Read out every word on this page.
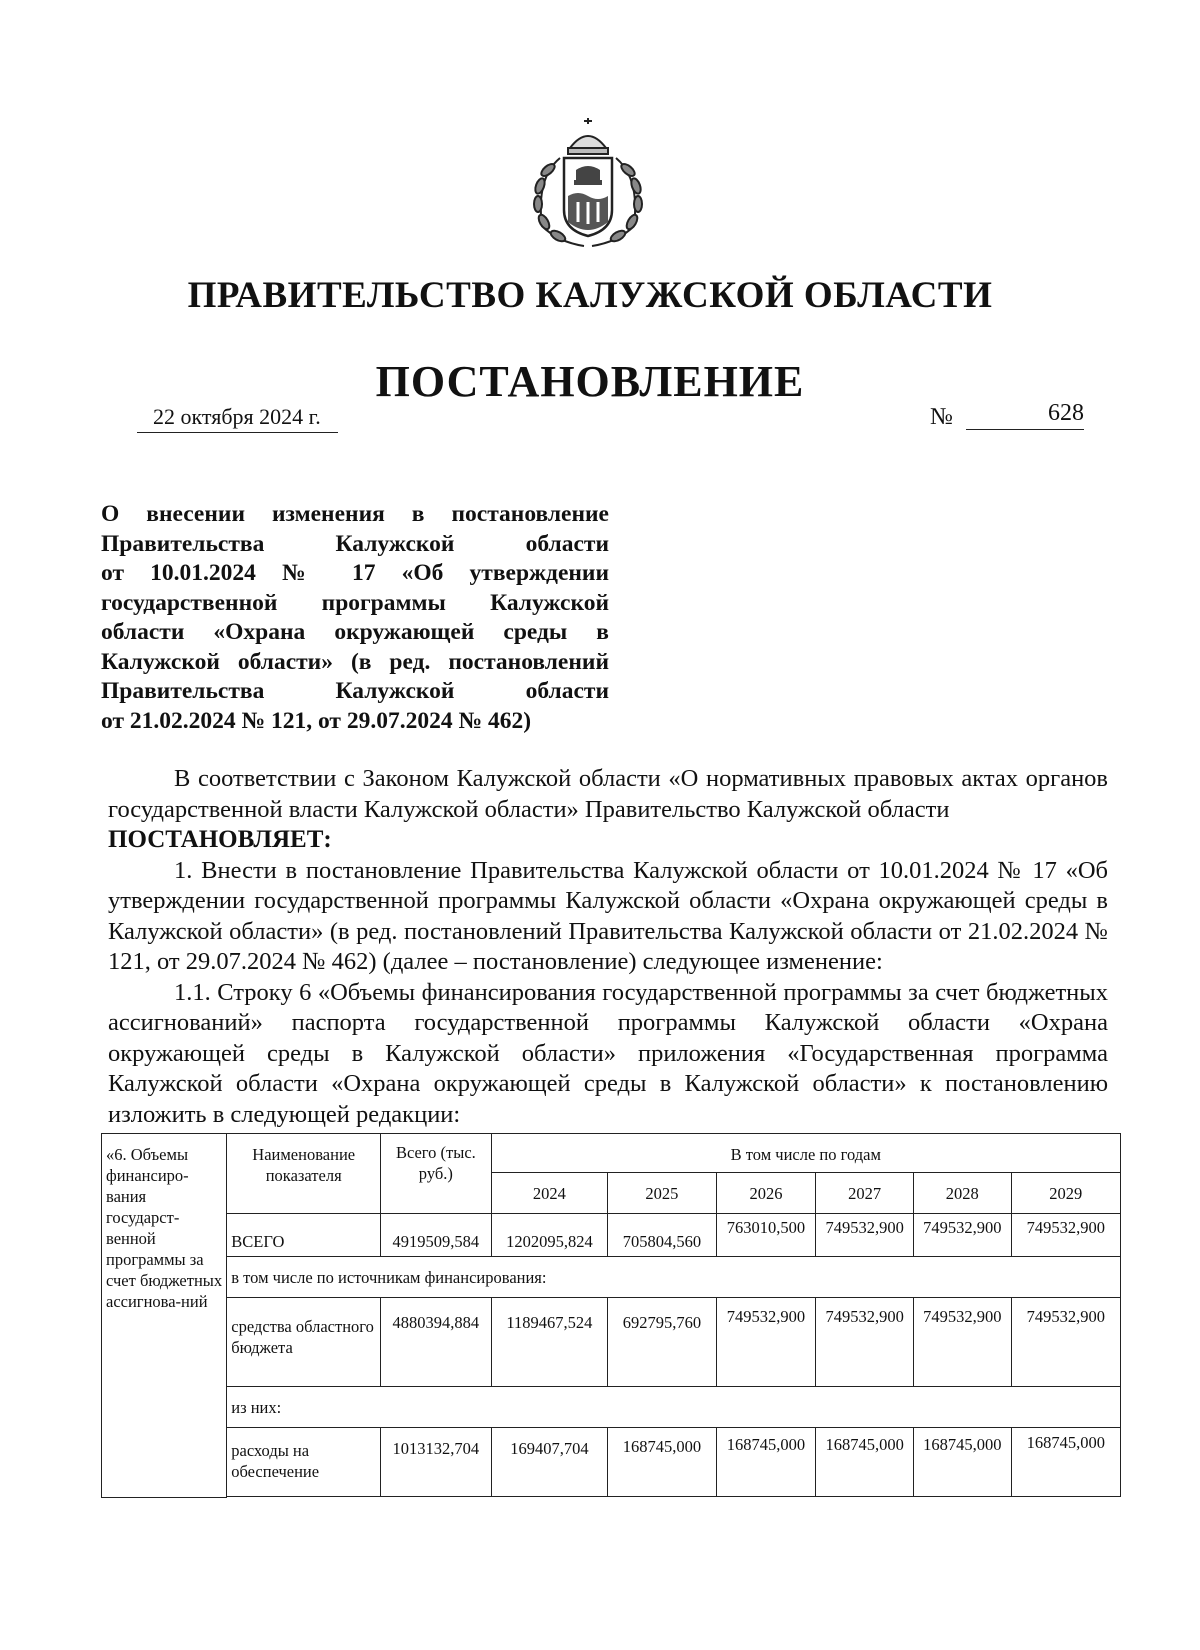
ПРАВИТЕЛЬСТВО КАЛУЖСКОЙ ОБЛАСТИ
ПОСТАНОВЛЕНИЕ
22 октября 2024 г.	№	628
О внесении изменения в постановление
Правительства Калужской области
от 10.01.2024 № 17 «Об утверждении
государственной программы Калужской
области «Охрана окружающей среды в
Калужской области» (в ред. постановлений
Правительства Калужской области
от 21.02.2024 № 121, от 29.07.2024 № 462)

В соответствии с Законом Калужской области «О нормативных правовых актах органов государственной власти Калужской области» Правительство Калужской области

ПОСТАНОВЛЯЕТ:

1. Внести в постановление Правительства Калужской области от 10.01.2024 № 17 «Об утверждении государственной программы Калужской области «Охрана окружающей среды в Калужской области» (в ред. постановлений Правительства Калужской области от 21.02.2024 № 121, от 29.07.2024 № 462) (далее – постановление) следующее изменение:

1.1. Строку 6 «Объемы финансирования государственной программы за счет бюджетных ассигнований» паспорта государственной программы Калужской области «Охрана окружающей среды в Калужской области» приложения «Государственная программа Калужской области «Охрана окружающей среды в Калужской области» к постановлению изложить в следующей редакции:

«6. Объемы финансиро-вания государст-венной программы за счет бюджетных ассигнова-ний	Наименование показателя	Всего (тыс. руб.)	В том числе по годам					
			2024	2025	2026	2027	2028	2029
	ВСЕГО	4919509,584	1202095,824	705804,560	763010,500	749532,900	749532,900	749532,900
	в том числе по источникам финансирования:							
	средства областного бюджета	4880394,884	1189467,524	692795,760	749532,900	749532,900	749532,900	749532,900
	из них:							
	расходы на обеспечение	1013132,704	169407,704	168745,000	168745,000	168745,000	168745,000	168745,000
